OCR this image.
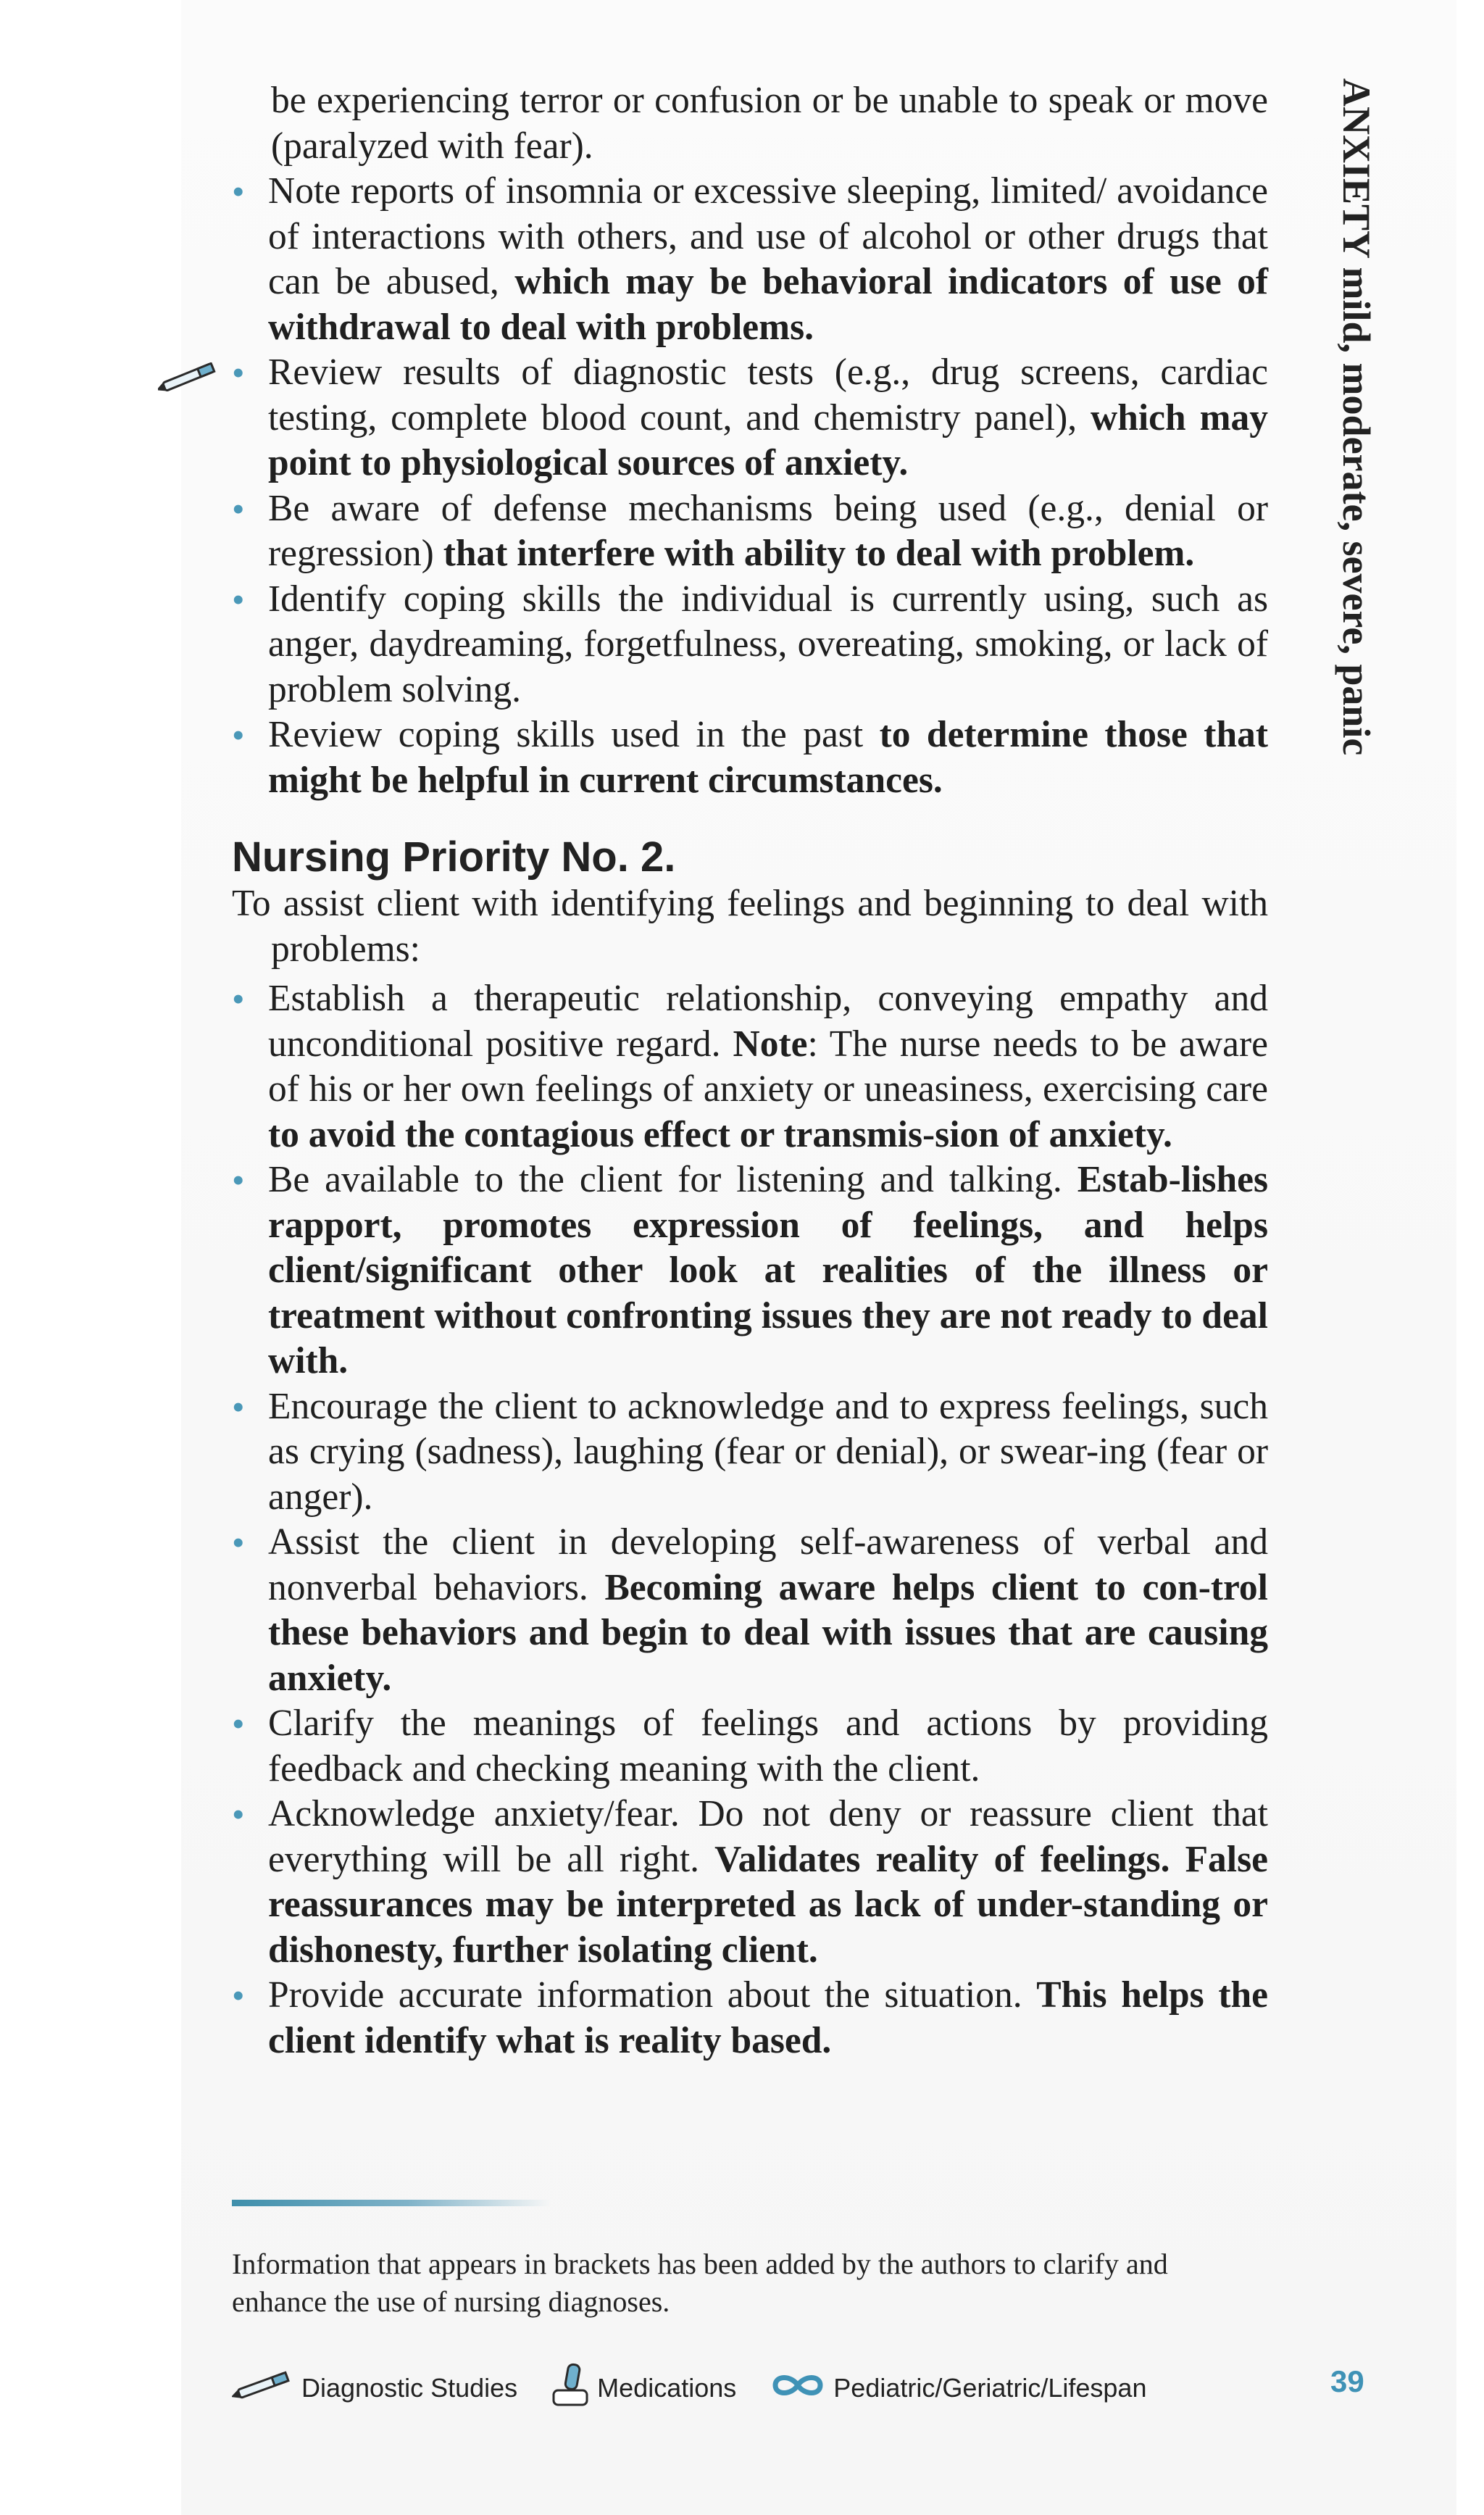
ANXIETY mild, moderate, severe, panic

be experiencing terror or confusion or be unable to speak or move (paralyzed with fear).

• Note reports of insomnia or excessive sleeping, limited/ avoidance of interactions with others, and use of alcohol or other drugs that can be abused, which may be behavioral indicators of use of withdrawal to deal with problems.
• Review results of diagnostic tests (e.g., drug screens, cardiac testing, complete blood count, and chemistry panel), which may point to physiological sources of anxiety.
• Be aware of defense mechanisms being used (e.g., denial or regression) that interfere with ability to deal with problem.
• Identify coping skills the individual is currently using, such as anger, daydreaming, forgetfulness, overeating, smoking, or lack of problem solving.
• Review coping skills used in the past to determine those that might be helpful in current circumstances.
Nursing Priority No. 2.

To assist client with identifying feelings and beginning to deal with problems:

• Establish a therapeutic relationship, conveying empathy and unconditional positive regard. Note: The nurse needs to be aware of his or her own feelings of anxiety or uneasiness, exercising care to avoid the contagious effect or transmis-sion of anxiety.
• Be available to the client for listening and talking. Estab-lishes rapport, promotes expression of feelings, and helps client/significant other look at realities of the illness or treatment without confronting issues they are not ready to deal with.
• Encourage the client to acknowledge and to express feelings, such as crying (sadness), laughing (fear or denial), or swear-ing (fear or anger).
• Assist the client in developing self-awareness of verbal and nonverbal behaviors. Becoming aware helps client to con-trol these behaviors and begin to deal with issues that are causing anxiety.
• Clarify the meanings of feelings and actions by providing feedback and checking meaning with the client.
• Acknowledge anxiety/fear. Do not deny or reassure client that everything will be all right. Validates reality of feelings. False reassurances may be interpreted as lack of under-standing or dishonesty, further isolating client.
• Provide accurate information about the situation. This helps the client identify what is reality based.
Information that appears in brackets has been added by the authors to clarify and enhance the use of nursing diagnoses.
Diagnostic Studies	Medications	Pediatric/Geriatric/Lifespan	39
